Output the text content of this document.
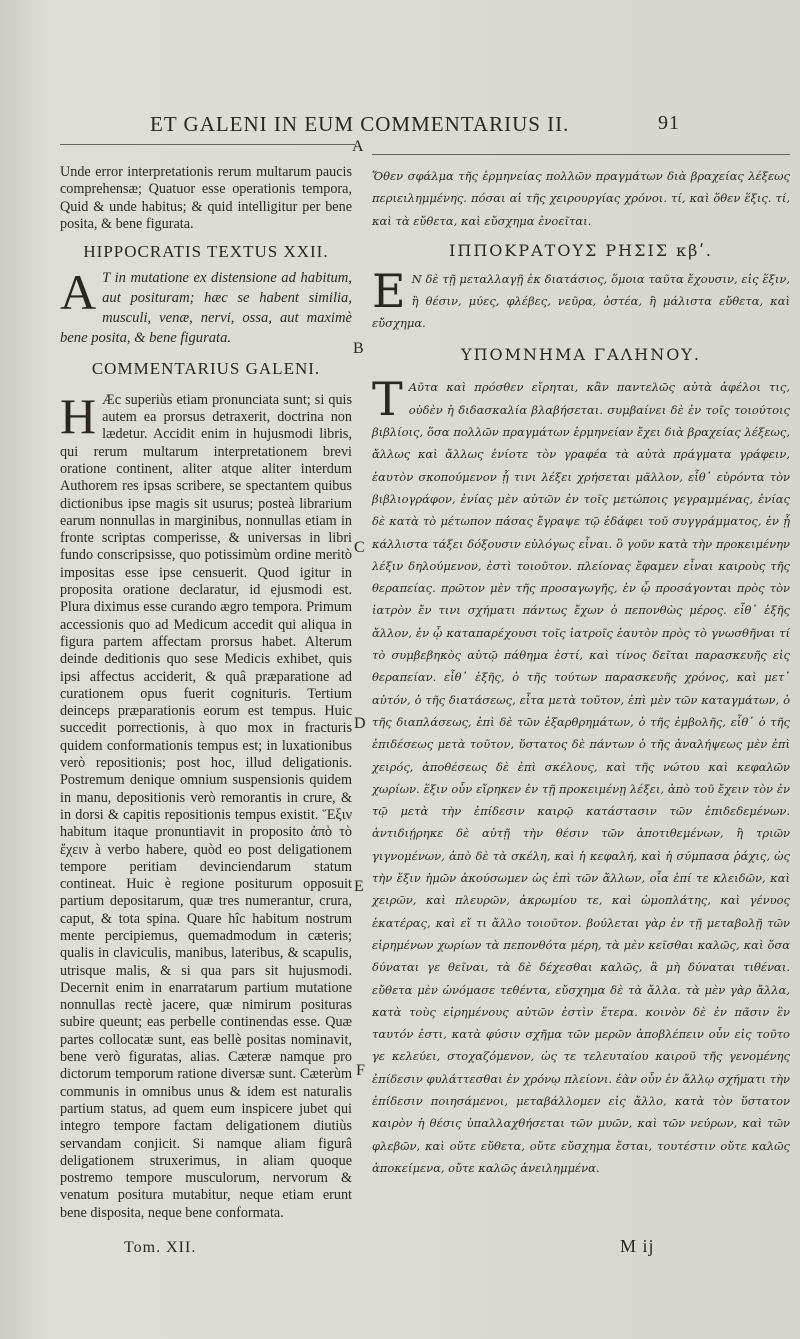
ET GALENI IN EUM COMMENTARIUS II.	91
A
B
C
D
E
F
Unde error interpretationis rerum multarum paucis comprehensæ; Quatuor esse operationis tempora, Quid & unde habitus; & quid intelligitur per bene posita, & bene figurata.
HIPPOCRATIS TEXTUS XXII.
A T in mutatione ex distensione ad habitum, aut posituram; hæc se habent similia, musculi, venæ, nervi, ossa, aut maximè bene posita, & bene figurata.
COMMENTARIUS GALENI.
H Æc superiùs etiam pronunciata sunt; si quis autem ea prorsus detraxerit, doctrina non lædetur. Accidit enim in hujusmodi libris, qui rerum multarum interpretationem brevi oratione continent, aliter atque aliter interdum Authorem res ipsas scribere, se spectantem quibus dictionibus ipse magis sit usurus; posteà librarium earum nonnullas in marginibus, nonnullas etiam in fronte scriptas comperisse, & universas in libri fundo conscripsisse, quo potissimùm ordine meritò impositas esse ipse censuerit. Quod igitur in proposita oratione declaratur, id ejusmodi est. Plura diximus esse curando ægro tempora. Primum accessionis quo ad Medicum accedit qui aliqua in figura partem affectam prorsus habet. Alterum deinde deditionis quo sese Medicis exhibet, quis ipsi affectus acciderit, & quâ præparatione ad curationem opus fuerit cognituris. Tertium deinceps præparationis eorum est tempus. Huic succedit porrectionis, à quo mox in fracturis quidem conformationis tempus est; in luxationibus verò repositionis; post hoc, illud deligationis. Postremum denique omnium suspensionis quidem in manu, depositionis verò remorantis in crure, & in dorsi & capitis repositionis tempus existit. Ἕξιν habitum itaque pronuntiavit in proposito ἀπὸ τὸ ἔχειν à verbo habere, quòd eo post deligationem tempore peritiam devinciendarum statum contineat. Huic è regione positurum opposuit partium depositarum, quæ tres numerantur, crura, caput, & tota spina. Quare hîc habitum nostrum mente percipiemus, quemadmodum in cæteris; qualis in claviculis, manibus, lateribus, & scapulis, utrisque malis, & si qua pars sit hujusmodi. Decernit enim in enarratarum partium mutatione nonnullas rectè jacere, quæ nimirum posituras subire queunt; eas perbelle continendas esse. Quæ partes collocatæ sunt, eas bellè positas nominavit, bene verò figuratas, alias. Cæteræ namque pro dictorum temporum ratione diversæ sunt. Cæterùm communis in omnibus unus & idem est naturalis partium status, ad quem eum inspicere jubet qui integro tempore factam deligationem diutiùs servandam conjicit. Si namque aliam figurâ deligationem struxerimus, in aliam quoque postremo tempore musculorum, nervorum & venatum positura mutabitur, neque etiam erunt bene disposita, neque bene conformata.
Ὅθεν σφάλμα τῆς ἑρμηνείας πολλῶν πραγμάτων διὰ βραχείας λέξεως περιειλημμένης. πόσαι αἱ τῆς χειρουργίας χρόνοι. τί, καὶ ὅθεν ἕξις. τί, καὶ τὰ εὔθετα, καὶ εὔσχημα ἐνοεῖται.
ΙΠΠΟΚΡΑΤΟΥΣ ΡΗΣΙΣ κβʹ.
Ε Ν δὲ τῇ μεταλλαγῇ ἐκ διατάσιος, ὅμοια ταῦτα ἔχουσιν, εἰς ἕξιν, ἢ θέσιν, μύες, φλέβες, νεῦρα, ὀστέα, ἢ μάλιστα εὔθετα, καὶ εὔσχημα.
ΥΠΟΜΝΗΜΑ ΓΑΛΗΝΟΥ.
Τ Αῦτα καὶ πρόσθεν εἴρηται, κἂν παντελῶς αὐτὰ ἀφέλοι τις, οὐδὲν ἡ διδασκαλία βλαβήσεται. συμβαίνει δὲ ἐν τοῖς τοιούτοις βιβλίοις, ὅσα πολλῶν πραγμάτων ἑρμηνείαν ἔχει διὰ βραχείας λέξεως, ἄλλως καὶ ἄλλως ἐνίοτε τὸν γραφέα τὰ αὐτὰ πράγματα γράφειν, ἑαυτὸν σκοπούμενον ᾗ τινι λέξει χρήσεται μᾶλλον, εἶθ᾽ εὑρόντα τὸν βιβλιογράφον, ἐνίας μὲν αὐτῶν ἐν τοῖς μετώποις γεγραμμένας, ἐνίας δὲ κατὰ τὸ μέτωπον πάσας ἔγραψε τῷ ἐδάφει τοῦ συγγράμματος, ἐν ᾗ κάλλιστα τάξει δόξουσιν εὐλόγως εἶναι. ὃ γοῦν κατὰ τὴν προκειμένην λέξιν δηλούμενον, ἐστὶ τοιοῦτον. πλείονας ἔφαμεν εἶναι καιροὺς τῆς θεραπείας. πρῶτον μὲν τῆς προσαγωγῆς, ἐν ᾧ προσάγονται πρὸς τὸν ἰατρὸν ἔν τινι σχήματι πάντως ἔχων ὁ πεπονθὼς μέρος. εἶθ᾽ ἑξῆς ἄλλον, ἐν ᾧ καταπαρέχουσι τοῖς ἰατροῖς ἑαυτὸν πρὸς τὸ γνωσθῆναι τί τὸ συμβεβηκὸς αὐτῷ πάθημα ἐστί, καὶ τίνος δεῖται παρασκευῆς εἰς θεραπείαν. εἶθ᾽ ἑξῆς, ὁ τῆς τούτων παρασκευῆς χρόνος, καὶ μετ᾽ αὐτόν, ὁ τῆς διατάσεως, εἶτα μετὰ τοῦτον, ἐπὶ μὲν τῶν καταγμάτων, ὁ τῆς διαπλάσεως, ἐπὶ δὲ τῶν ἐξαρθρημάτων, ὁ τῆς ἐμβολῆς, εἶθ᾽ ὁ τῆς ἐπιδέσεως μετὰ τοῦτον, ὕστατος δὲ πάντων ὁ τῆς ἀναλήψεως μὲν ἐπὶ χειρός, ἀποθέσεως δὲ ἐπὶ σκέλους, καὶ τῆς νώτου καὶ κεφαλῶν χωρίων. ἕξιν οὖν εἴρηκεν ἐν τῇ προκειμένῃ λέξει, ἀπὸ τοῦ ἔχειν τὸν ἐν τῷ μετὰ τὴν ἐπίδεσιν καιρῷ κατάστασιν τῶν ἐπιδεδεμένων. ἀντιδιῄρηκε δὲ αὐτῇ τὴν θέσιν τῶν ἀποτιθεμένων, ἢ τριῶν γιγνομένων, ἀπὸ δὲ τὰ σκέλη, καὶ ἡ κεφαλή, καὶ ἡ σύμπασα ῥάχις, ὡς τὴν ἕξιν ἡμῶν ἀκούσωμεν ὡς ἐπὶ τῶν ἄλλων, οἷα ἐπί τε κλειδῶν, καὶ χειρῶν, καὶ πλευρῶν, ἀκρωμίου τε, καὶ ὠμοπλάτης, καὶ γένυος ἑκατέρας, καὶ εἴ τι ἄλλο τοιοῦτον. βούλεται γὰρ ἐν τῇ μεταβολῇ τῶν εἰρημένων χωρίων τὰ πεπονθότα μέρη, τὰ μὲν κεῖσθαι καλῶς, καὶ ὅσα δύναται γε θεῖναι, τὰ δὲ δέχεσθαι καλῶς, ἃ μὴ δύναται τιθέναι. εὔθετα μὲν ὠνόμασε τεθέντα, εὔσχημα δὲ τὰ ἄλλα. τὰ μὲν γὰρ ἄλλα, κατὰ τοὺς εἰρημένους αὐτῶν ἐστὶν ἕτερα. κοινὸν δὲ ἐν πᾶσιν ἓν ταυτόν ἐστι, κατὰ φύσιν σχῆμα τῶν μερῶν ἀποβλέπειν οὖν εἰς τοῦτο γε κελεύει, στοχαζόμενον, ὡς τε τελευταίου καιροῦ τῆς γενομένης ἐπίδεσιν φυλάττεσθαι ἐν χρόνῳ πλείονι. ἐὰν οὖν ἐν ἄλλῳ σχήματι τὴν ἐπίδεσιν ποιησάμενοι, μεταβάλλομεν εἰς ἄλλο, κατὰ τὸν ὕστατον καιρὸν ἡ θέσις ὑπαλλαχθήσεται τῶν μυῶν, καὶ τῶν νεύρων, καὶ τῶν φλεβῶν, καὶ οὔτε εὔθετα, οὔτε εὔσχημα ἔσται, τουτέστιν οὔτε καλῶς ἀποκείμενα, οὔτε καλῶς ἀνειλημμένα.
Tom. XII.	M ij
